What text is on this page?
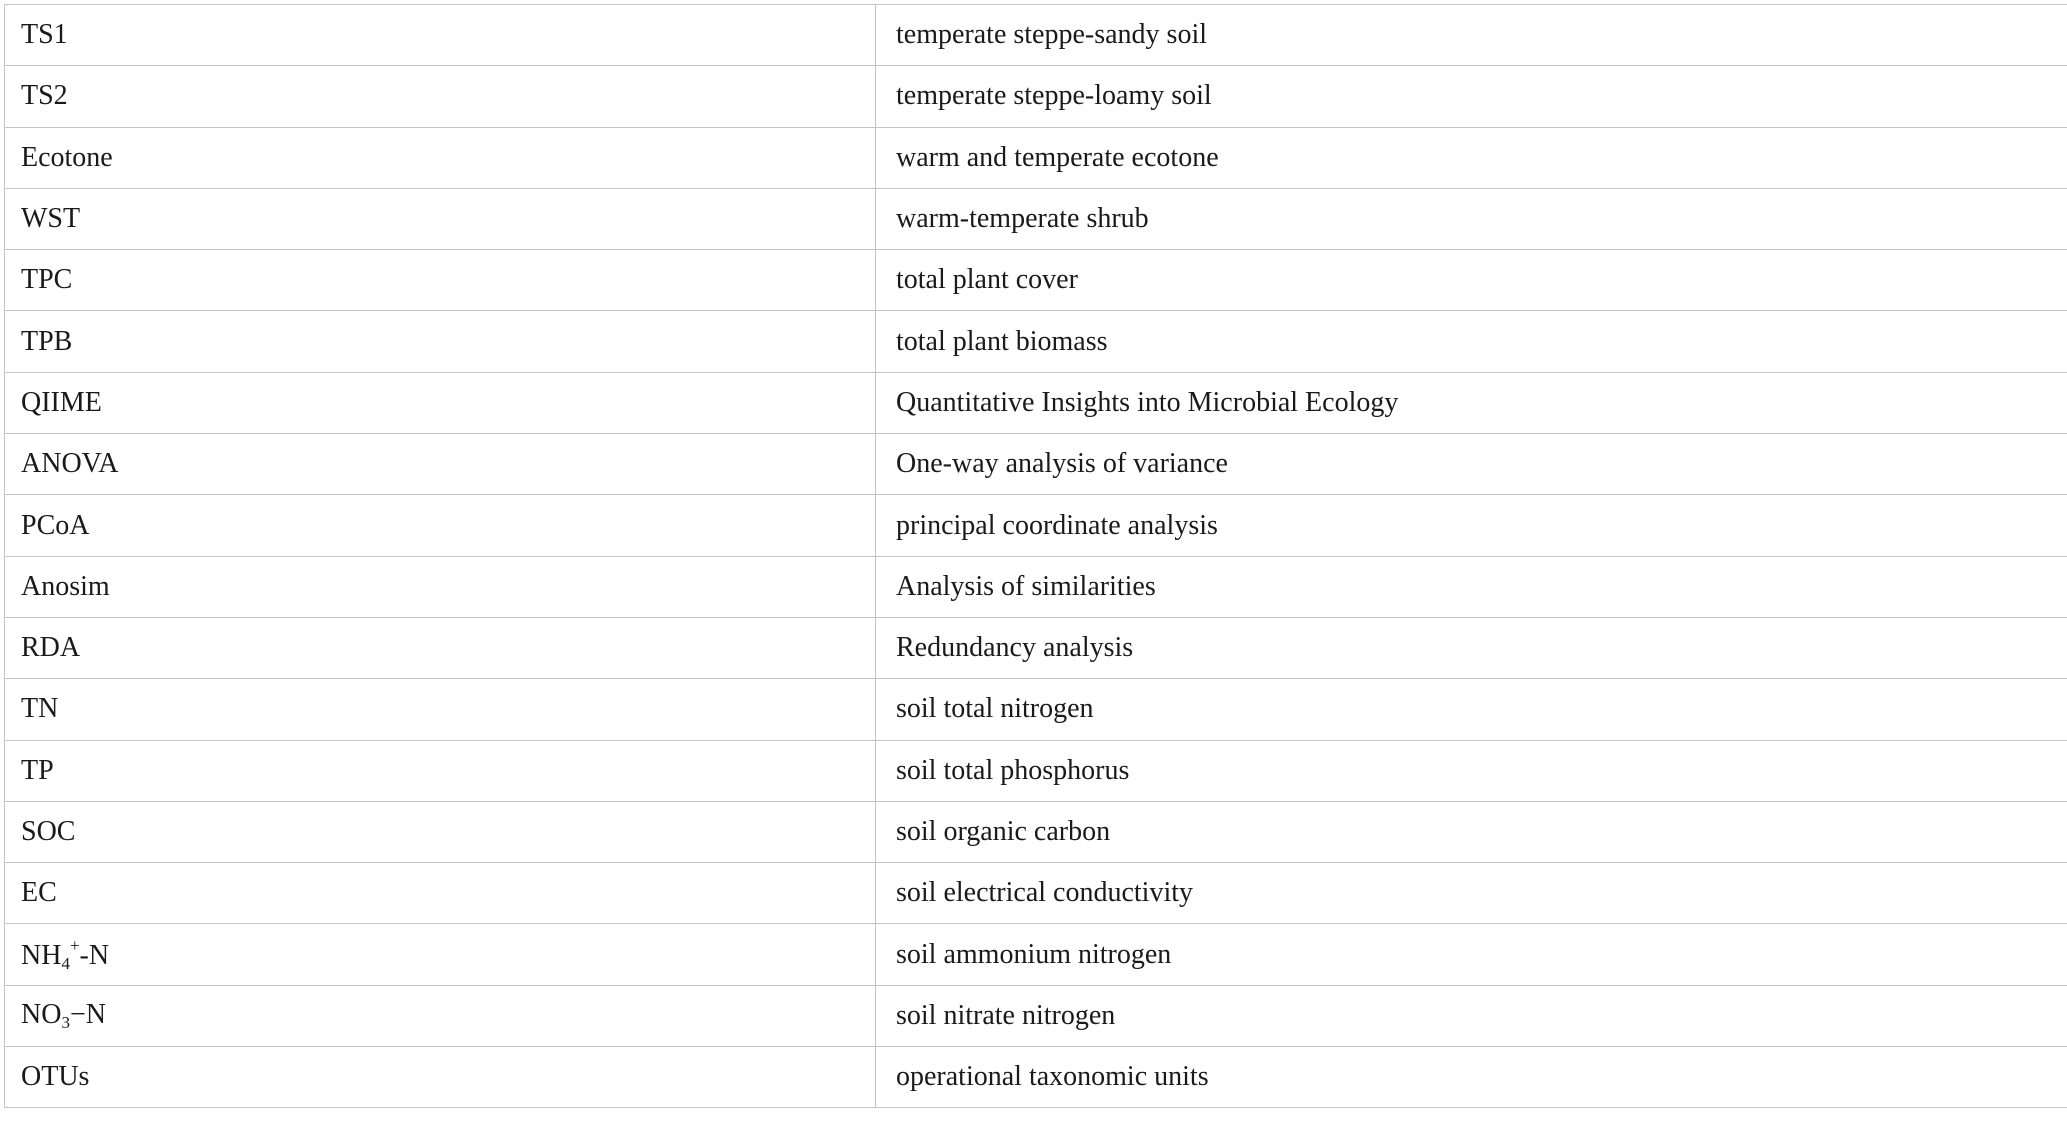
TS1	temperate steppe-sandy soil
TS2	temperate steppe-loamy soil
Ecotone	warm and temperate ecotone
WST	warm-temperate shrub
TPC	total plant cover
TPB	total plant biomass
QIIME	Quantitative Insights into Microbial Ecology
ANOVA	One-way analysis of variance
PCoA	principal coordinate analysis
Anosim	Analysis of similarities
RDA	Redundancy analysis
TN	soil total nitrogen
TP	soil total phosphorus
SOC	soil organic carbon
EC	soil electrical conductivity
$NH_4^+-N$	soil ammonium nitrogen
$NO_3-N$	soil nitrate nitrogen
OTUs	operational taxonomic units
